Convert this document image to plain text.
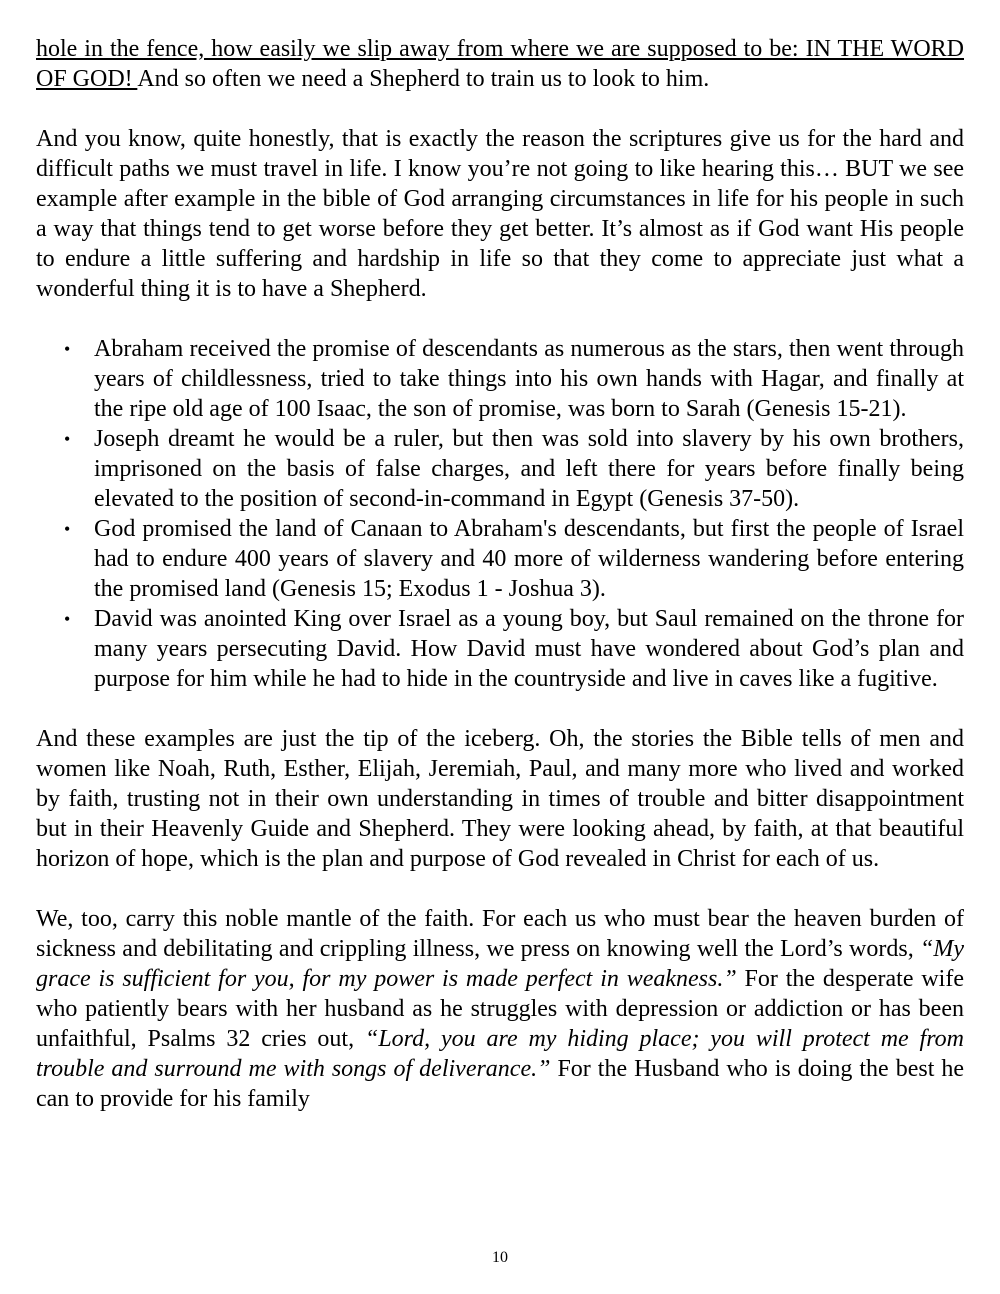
hole in the fence, how easily we slip away from where we are supposed to be: IN THE WORD OF GOD! And so often we need a Shepherd to train us to look to him.

And you know, quite honestly, that is exactly the reason the scriptures give us for the hard and difficult paths we must travel in life. I know you’re not going to like hearing this… BUT we see example after example in the bible of God arranging circumstances in life for his people in such a way that things tend to get worse before they get better. It’s almost as if God want His people to endure a little suffering and hardship in life so that they come to appreciate just what a wonderful thing it is to have a Shepherd.

• Abraham received the promise of descendants as numerous as the stars, then went through years of childlessness, tried to take things into his own hands with Hagar, and finally at the ripe old age of 100 Isaac, the son of promise, was born to Sarah (Genesis 15-21).
• Joseph dreamt he would be a ruler, but then was sold into slavery by his own brothers, imprisoned on the basis of false charges, and left there for years before finally being elevated to the position of second-in-command in Egypt (Genesis 37-50).
• God promised the land of Canaan to Abraham's descendants, but first the people of Israel had to endure 400 years of slavery and 40 more of wilderness wandering before entering the promised land (Genesis 15; Exodus 1 - Joshua 3).
• David was anointed King over Israel as a young boy, but Saul remained on the throne for many years persecuting David. How David must have wondered about God’s plan and purpose for him while he had to hide in the countryside and live in caves like a fugitive.

And these examples are just the tip of the iceberg. Oh, the stories the Bible tells of men and women like Noah, Ruth, Esther, Elijah, Jeremiah, Paul, and many more who lived and worked by faith, trusting not in their own understanding in times of trouble and bitter disappointment but in their Heavenly Guide and Shepherd. They were looking ahead, by faith, at that beautiful horizon of hope, which is the plan and purpose of God revealed in Christ for each of us.

We, too, carry this noble mantle of the faith. For each us who must bear the heaven burden of sickness and debilitating and crippling illness, we press on knowing well the Lord’s words, “My grace is sufficient for you, for my power is made perfect in weakness.” For the desperate wife who patiently bears with her husband as he struggles with depression or addiction or has been unfaithful, Psalms 32 cries out, “Lord, you are my hiding place; you will protect me from trouble and surround me with songs of deliverance.” For the Husband who is doing the best he can to provide for his family

10
